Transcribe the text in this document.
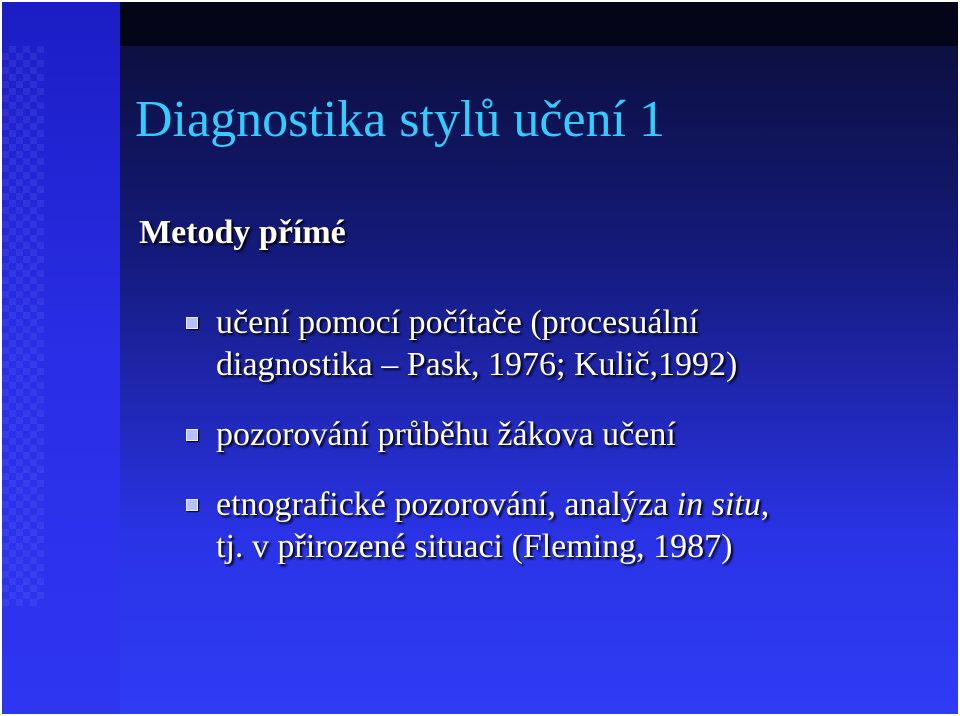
Diagnostika stylů učení 1
Metody přímé
učení pomocí počítače (procesuální
diagnostika – Pask, 1976; Kulič,1992)
pozorování průběhu žákova učení
etnografické pozorování, analýza in situ,
tj. v přirozené situaci (Fleming, 1987)
